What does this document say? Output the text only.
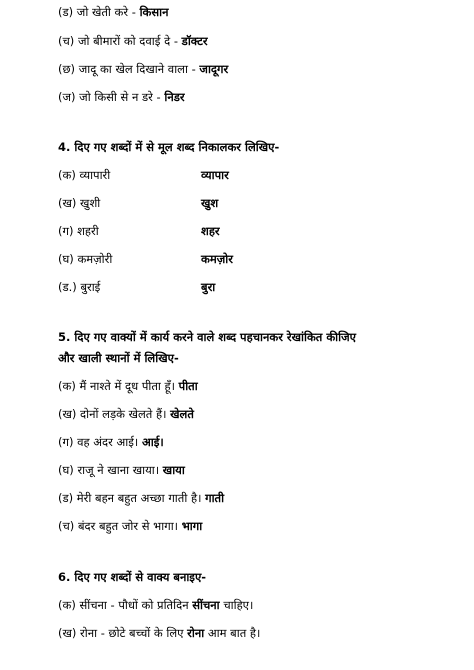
(ड) जो खेती करे - किसान
(च) जो बीमारों को दवाई दे - डॉक्टर
(छ) जादू का खेल दिखाने वाला - जादूगर
(ज) जो किसी से न डरे - निडर
4. दिए गए शब्दों में से मूल शब्द निकालकर लिखिए-
(क) व्यापारी	व्यापार
(ख) खुशी	खुश
(ग) शहरी	शहर
(घ) कमज़ोरी	कमज़ोर
(ड.) बुराई	बुरा
5. दिए गए वाक्यों में कार्य करने वाले शब्द पहचानकर रेखांकित कीजिए
और खाली स्थानों में लिखिए-
(क) मैं नाश्ते में दूध पीता हूँ। पीता
(ख) दोनों लड़के खेलते हैं। खेलते
(ग) वह अंदर आई। आई।
(घ) राजू ने खाना खाया। खाया
(ड) मेरी बहन बहुत अच्छा गाती है। गाती
(च) बंदर बहुत जोर से भागा। भागा
6. दिए गए शब्दों से वाक्य बनाइए-
(क) सींचना - पौधों को प्रतिदिन सींचना चाहिए।
(ख) रोना - छोटे बच्चों के लिए रोना आम बात है।
